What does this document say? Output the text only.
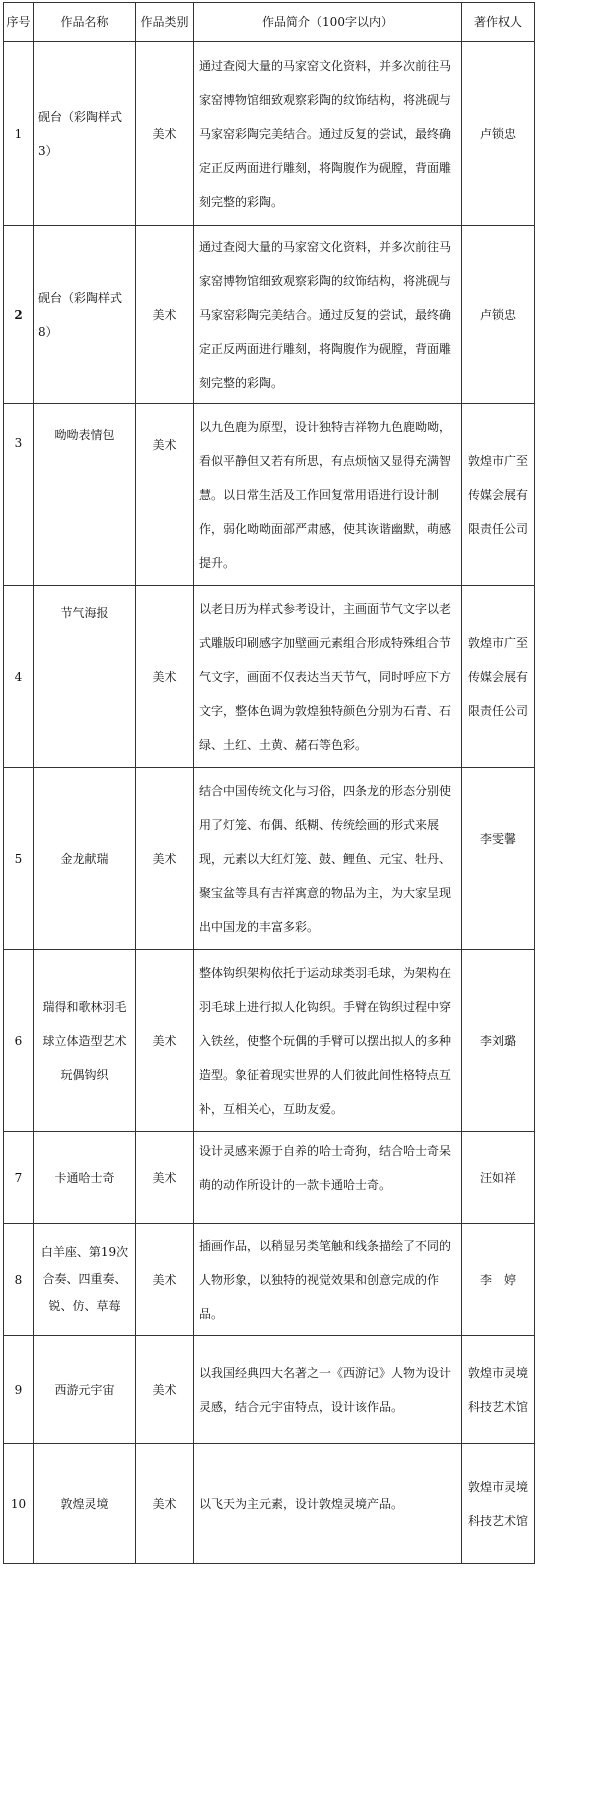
序号	作品名称	作品类别	作品简介（100字以内）	著作权人
1	砚台（彩陶样式3）	美术	通过查阅大量的马家窑文化资料，并多次前往马家窑博物馆细致观察彩陶的纹饰结构，将洮砚与马家窑彩陶完美结合。通过反复的尝试，最终确定正反两面进行雕刻，将陶腹作为砚膛，背面雕刻完整的彩陶。	卢锁忠
2	砚台（彩陶样式8）	美术	通过查阅大量的马家窑文化资料，并多次前往马家窑博物馆细致观察彩陶的纹饰结构，将洮砚与马家窑彩陶完美结合。通过反复的尝试，最终确定正反两面进行雕刻，将陶腹作为砚膛，背面雕刻完整的彩陶。	卢锁忠
3	呦呦表情包	美术	以九色鹿为原型，设计独特吉祥物九色鹿呦呦，看似平静但又若有所思，有点烦恼又显得充满智慧。以日常生活及工作回复常用语进行设计制作，弱化呦呦面部严肃感，使其诙谐幽默，萌感提升。	敦煌市广至传媒会展有限责任公司
4	节气海报	美术	以老日历为样式参考设计，主画面节气文字以老式雕版印刷感字加壁画元素组合形成特殊组合节气文字，画面不仅表达当天节气，同时呼应下方文字，整体色调为敦煌独特颜色分别为石青、石绿、土红、土黄、赭石等色彩。	敦煌市广至传媒会展有限责任公司
5	金龙献瑞	美术	结合中国传统文化与习俗，四条龙的形态分别使用了灯笼、布偶、纸糊、传统绘画的形式来展现，元素以大红灯笼、鼓、鲤鱼、元宝、牡丹、聚宝盆等具有吉祥寓意的物品为主，为大家呈现出中国龙的丰富多彩。	李雯馨
6	瑞得和歌林羽毛球立体造型艺术玩偶钩织	美术	整体钩织架构依托于运动球类羽毛球，为架构在羽毛球上进行拟人化钩织。手臂在钩织过程中穿入铁丝，使整个玩偶的手臂可以摆出拟人的多种造型。象征着现实世界的人们彼此间性格特点互补，互相关心，互助友爱。	李刘璐
7	卡通哈士奇	美术	设计灵感来源于自养的哈士奇狗，结合哈士奇呆萌的动作所设计的一款卡通哈士奇。	汪如祥
8	白羊座、第19次合奏、四重奏、锐、仿、草莓	美术	插画作品，以稍显另类笔触和线条描绘了不同的人物形象，以独特的视觉效果和创意完成的作品。	李　婷
9	西游元宇宙	美术	以我国经典四大名著之一《西游记》人物为设计灵感，结合元宇宙特点，设计该作品。	敦煌市灵境科技艺术馆
10	敦煌灵境	美术	以飞天为主元素，设计敦煌灵境产品。	敦煌市灵境科技艺术馆
